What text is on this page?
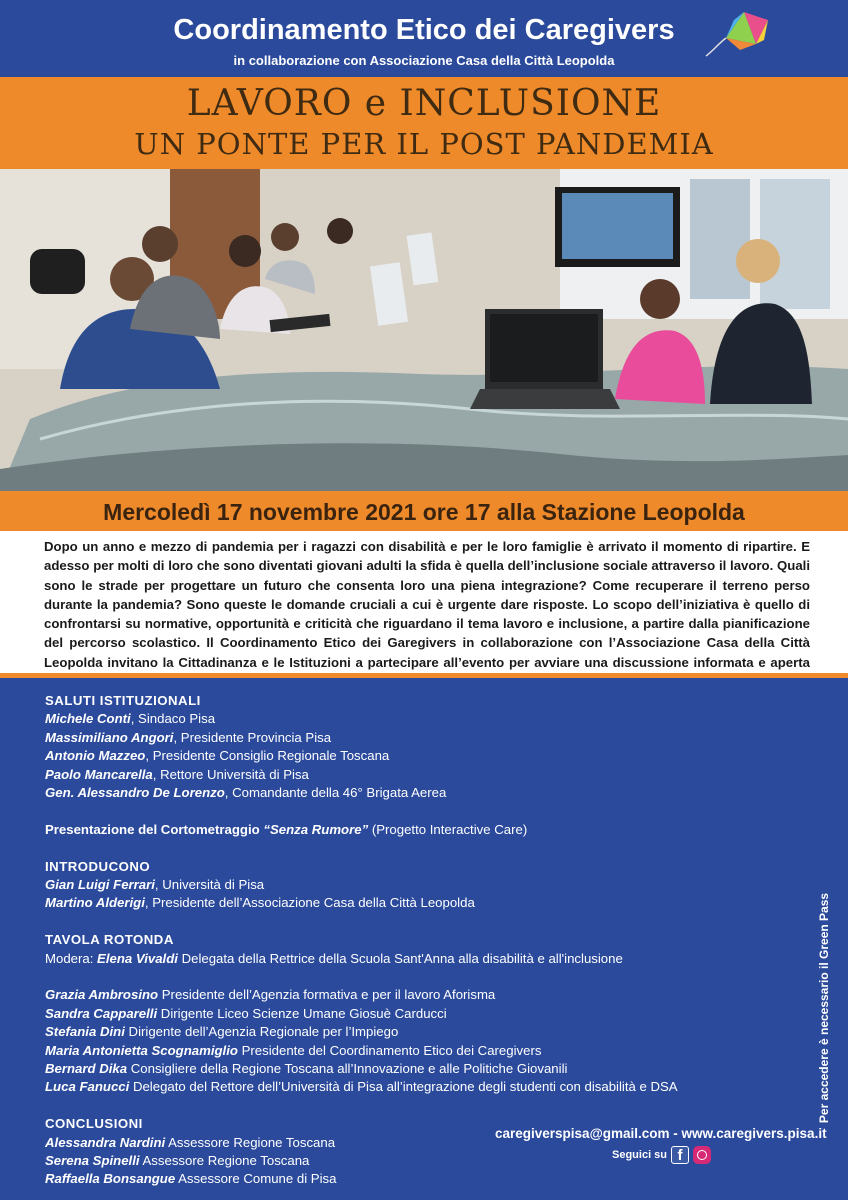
Coordinamento Etico dei Caregivers
in collaborazione con Associazione Casa della Città Leopolda
LAVORO e INCLUSIONE
UN PONTE PER IL POST PANDEMIA
Mercoledì 17 novembre 2021 ore 17 alla Stazione Leopolda
Dopo un anno e mezzo di pandemia per i ragazzi con disabilità e per le loro famiglie è arrivato il momento di ripartire. E adesso per molti di loro che sono diventati giovani adulti la sfida è quella dell’inclusione sociale attraverso il lavoro. Quali sono le strade per progettare un futuro che consenta loro una piena integrazione? Come recuperare il terreno perso durante la pandemia? Sono queste le domande cruciali a cui è urgente dare risposte. Lo scopo dell’iniziativa è quello di confrontarsi su normative, opportunità e criticità che riguardano il tema lavoro e inclusione, a partire dalla pianificazione del percorso scolastico. Il Coordinamento Etico dei Garegivers in collaborazione con l’Associazione Casa della Città Leopolda invitano la Cittadinanza e le Istituzioni a partecipare all’evento per avviare una discussione informata e aperta
SALUTI ISTITUZIONALI
Michele Conti, Sindaco Pisa
Massimiliano Angori, Presidente Provincia Pisa
Antonio Mazzeo, Presidente Consiglio Regionale Toscana
Paolo Mancarella, Rettore Università di Pisa
Gen. Alessandro De Lorenzo, Comandante della 46° Brigata Aerea
Presentazione del Cortometraggio “Senza Rumore” (Progetto Interactive Care)
INTRODUCONO
Gian Luigi Ferrari, Università di Pisa
Martino Alderigi, Presidente dell’Associazione Casa della Città Leopolda
TAVOLA ROTONDA
Modera: Elena Vivaldi Delegata della Rettrice della Scuola Sant'Anna alla disabilità e all'inclusione
Grazia Ambrosino Presidente dell’Agenzia formativa e per il lavoro Aforisma
Sandra Capparelli Dirigente Liceo Scienze Umane Giosuè Carducci
Stefania Dini Dirigente dell’Agenzia Regionale per l’Impiego
Maria Antonietta Scognamiglio Presidente del Coordinamento Etico dei Caregivers
Bernard Dika Consigliere della Regione Toscana all’Innovazione e alle Politiche Giovanili
Luca Fanucci Delegato del Rettore dell’Università di Pisa all’integrazione degli studenti con disabilità e DSA
CONCLUSIONI
Alessandra Nardini Assessore Regione Toscana
Serena Spinelli Assessore Regione Toscana
Raffaella Bonsangue Assessore Comune di Pisa
Per accedere è necessario il Green Pass
caregiverspisa@gmail.com - www.caregivers.pisa.it
Seguici su f
